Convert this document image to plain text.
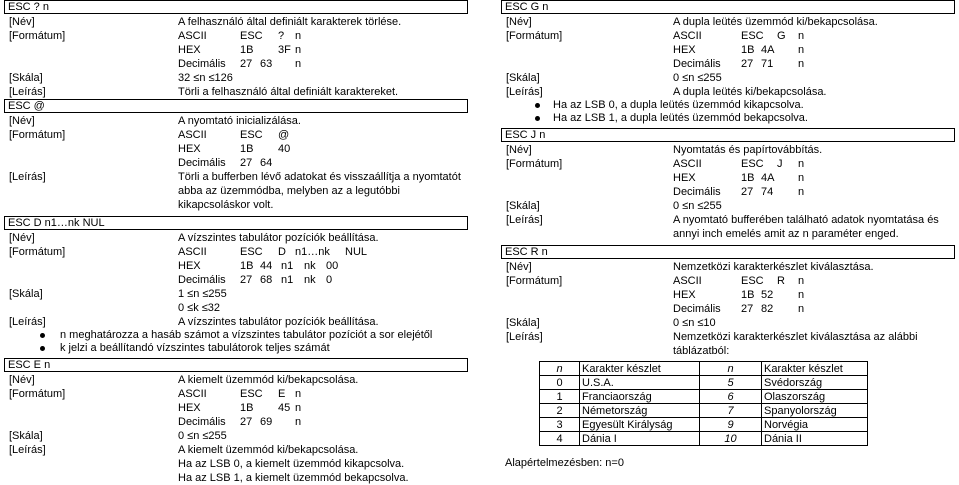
ESC ? n
[Név]	A felhasználó által definiált karakterek törlése.
[Formátum]	ASCII	ESC ? n
HEX	1B 3F n
Decimális 27 63 n
[Skála]	32 ≤n ≤126
[Leírás]	Törli a felhasználó által definiált karaktereket.
ESC @
[Név]	A nyomtató inicializálása.
[Formátum]	ASCII	ESC @
HEX	1B 40
Decimális 27 64
[Leírás]	Törli a bufferben lévő adatokat és visszaállítja a nyomtatót abba az üzemmódba, melyben az a legutóbbi kikapcsoláskor volt.
ESC D n1…nk NUL
[Név]	A vízszintes tabulátor pozíciók beállítása.
[Formátum]	ASCII	ESC D n1…nk NUL
HEX	1B 44 n1 nk 00
Decimális 27 68 n1 nk 0
[Skála]	1 ≤n ≤255
0 ≤k ≤32
[Leírás]	A vízszintes tabulátor pozíciók beállítása.
n meghatározza a hasáb számot a vízszintes tabulátor pozíciót a sor elejétől
k jelzi a beállítandó vízszintes tabulátorok teljes számát
ESC E n
[Név]	A kiemelt üzemmód ki/bekapcsolása.
[Formátum]	ASCII	ESC E n
HEX	1B 45 n
Decimális 27 69 n
[Skála]	0 ≤n ≤255
[Leírás]	A kiemelt üzemmód ki/bekapcsolása.
Ha az LSB 0, a kiemelt üzemmód kikapcsolva.
Ha az LSB 1, a kiemelt üzemmód bekapcsolva.
ESC G n
[Név]	A dupla leütés üzemmód ki/bekapcsolása.
[Formátum]	ASCII	ESC G n
HEX	1B 4A n
Decimális 27 71 n
[Skála]	0 ≤n ≤255
[Leírás]	A dupla leütés ki/bekapcsolása.
Ha az LSB 0, a dupla leütés üzemmód kikapcsolva.
Ha az LSB 1, a dupla leütés üzemmód bekapcsolva.
ESC J n
[Név]	Nyomtatás és papírtovábbítás.
[Formátum]	ASCII	ESC J n
HEX	1B 4A n
Decimális 27 74 n
[Skála]	0 ≤n ≤255
[Leírás]	A nyomtató bufferében található adatok nyomtatása és annyi inch emelés amit az n paraméter enged.
ESC R n
[Név]	Nemzetközi karakterkészlet kiválasztása.
[Formátum]	ASCII	ESC R n
HEX	1B 52 n
Decimális 27 82 n
[Skála]	0 ≤n ≤10
[Leírás]	Nemzetközi karakterkészlet kiválasztása az alábbi táblázatból:
n	Karakter készlet	n	Karakter készlet
0	U.S.A.	5	Svédország
1	Franciaország	6	Olaszország
2	Németország	7	Spanyolország
3	Egyesült Királyság	9	Norvégia
4	Dánia I	10	Dánia II
Alapértelmezésben: n=0
